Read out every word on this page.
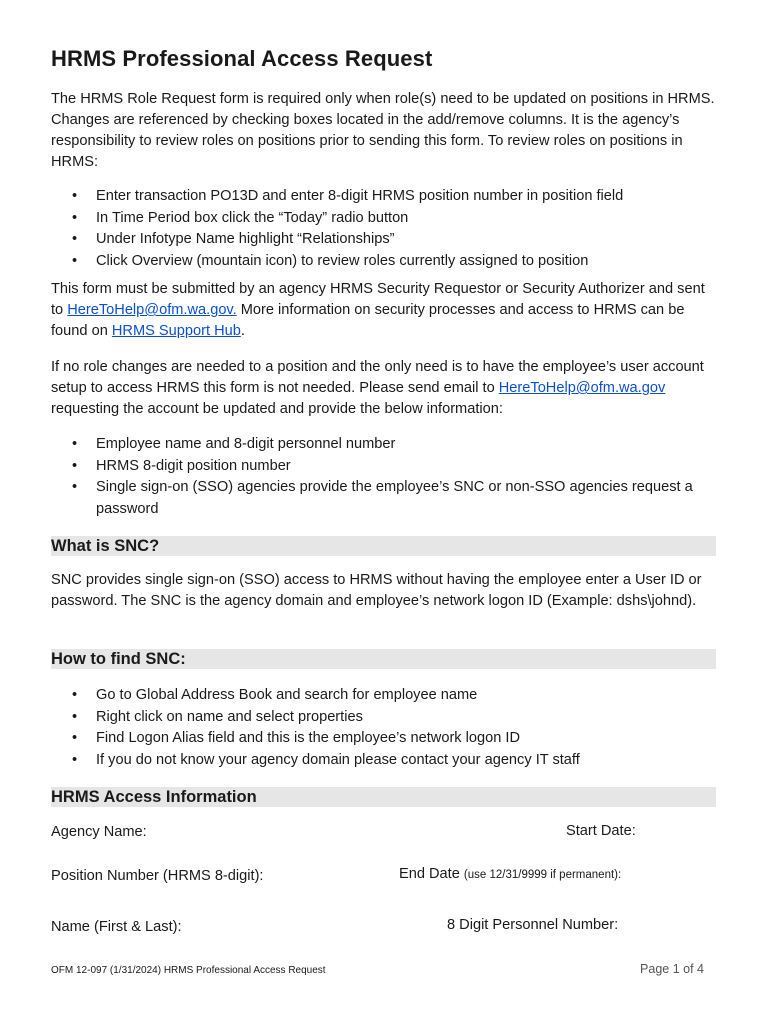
HRMS Professional Access Request

The HRMS Role Request form is required only when role(s) need to be updated on positions in HRMS. Changes are referenced by checking boxes located in the add/remove columns. It is the agency’s responsibility to review roles on positions prior to sending this form. To review roles on positions in HRMS:

• Enter transaction PO13D and enter 8-digit HRMS position number in position field
• In Time Period box click the “Today” radio button
• Under Infotype Name highlight “Relationships”
• Click Overview (mountain icon) to review roles currently assigned to position

This form must be submitted by an agency HRMS Security Requestor or Security Authorizer and sent to HereToHelp@ofm.wa.gov. More information on security processes and access to HRMS can be found on HRMS Support Hub.

If no role changes are needed to a position and the only need is to have the employee’s user account setup to access HRMS this form is not needed. Please send email to HereToHelp@ofm.wa.gov requesting the account be updated and provide the below information:

• Employee name and 8-digit personnel number
• HRMS 8-digit position number
• Single sign-on (SSO) agencies provide the employee’s SNC or non-SSO agencies request a password
What is SNC?

SNC provides single sign-on (SSO) access to HRMS without having the employee enter a User ID or password. The SNC is the agency domain and employee’s network logon ID (Example: dshs\johnd).

How to find SNC:
• Go to Global Address Book and search for employee name
• Right click on name and select properties
• Find Logon Alias field and this is the employee’s network logon ID
• If you do not know your agency domain please contact your agency IT staff
HRMS Access Information
Agency Name:	Start Date:
Position Number (HRMS 8-digit):	End Date (use 12/31/9999 if permanent):
Name (First & Last):	8 Digit Personnel Number:
OFM 12-097 (1/31/2024) HRMS Professional Access Request	Page 1 of 4
